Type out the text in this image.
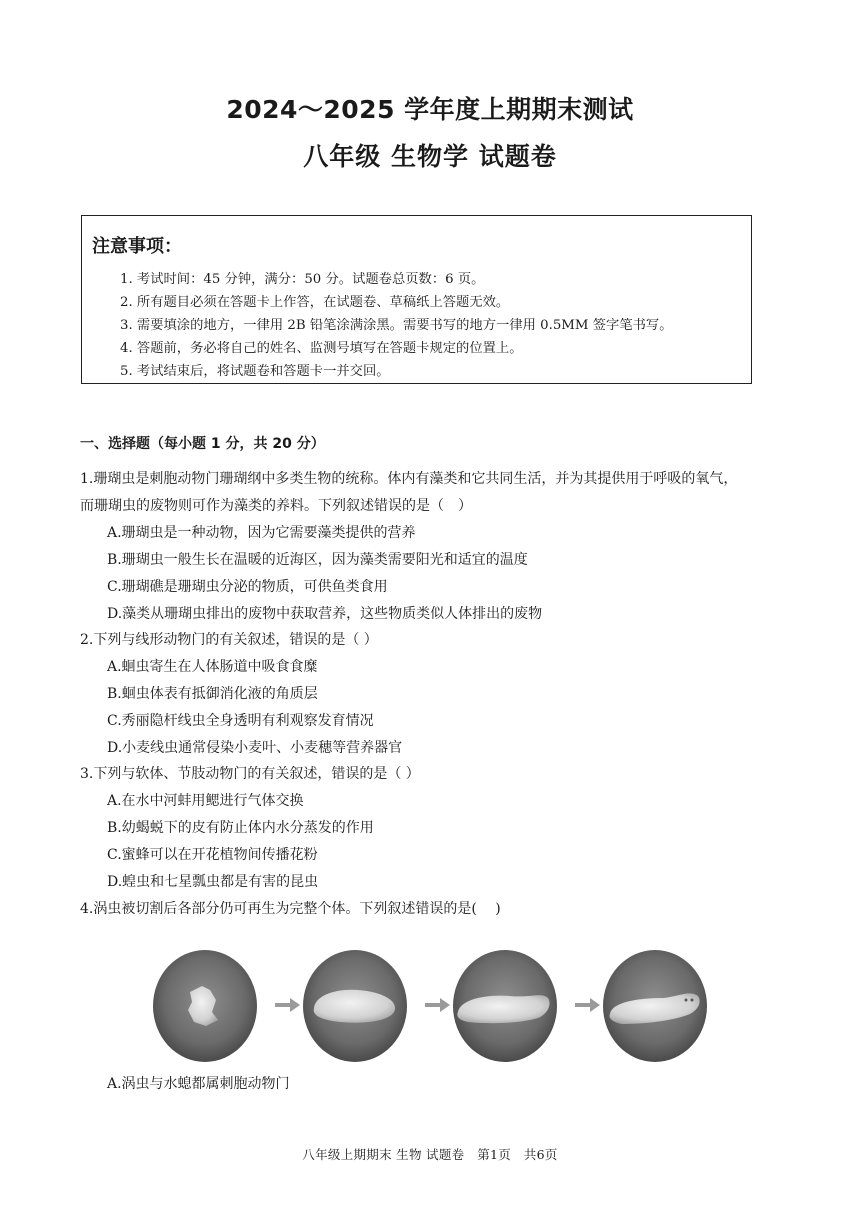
2024～2025 学年度上期期末测试
八年级 生物学 试题卷
注意事项：
1. 考试时间：45 分钟，满分：50 分。试题卷总页数：6 页。
2. 所有题目必须在答题卡上作答，在试题卷、草稿纸上答题无效。
3. 需要填涂的地方，一律用 2B 铅笔涂满涂黑。需要书写的地方一律用 0.5MM 签字笔书写。
4. 答题前，务必将自己的姓名、监测号填写在答题卡规定的位置上。
5. 考试结束后，将试题卷和答题卡一并交回。
一、选择题（每小题 1 分，共 20 分）
1.珊瑚虫是刺胞动物门珊瑚纲中多类生物的统称。体内有藻类和它共同生活，并为其提供用于呼吸的氧气，
而珊瑚虫的废物则可作为藻类的养料。下列叙述错误的是（　）
A.珊瑚虫是一种动物，因为它需要藻类提供的营养
B.珊瑚虫一般生长在温暖的近海区，因为藻类需要阳光和适宜的温度
C.珊瑚礁是珊瑚虫分泌的物质，可供鱼类食用
D.藻类从珊瑚虫排出的废物中获取营养，这些物质类似人体排出的废物
2.下列与线形动物门的有关叙述，错误的是（ ）
A.蛔虫寄生在人体肠道中吸食食糜
B.蛔虫体表有抵御消化液的角质层
C.秀丽隐杆线虫全身透明有利观察发育情况
D.小麦线虫通常侵染小麦叶、小麦穗等营养器官
3.下列与软体、节肢动物门的有关叙述，错误的是（ ）
A.在水中河蚌用鳃进行气体交换
B.幼蝎蜕下的皮有防止体内水分蒸发的作用
C.蜜蜂可以在开花植物间传播花粉
D.蝗虫和七星瓢虫都是有害的昆虫
4.涡虫被切割后各部分仍可再生为完整个体。下列叙述错误的是(　 )
A.涡虫与水螅都属刺胞动物门
八年级上期期末 生物 试题卷　第1页　共6页
